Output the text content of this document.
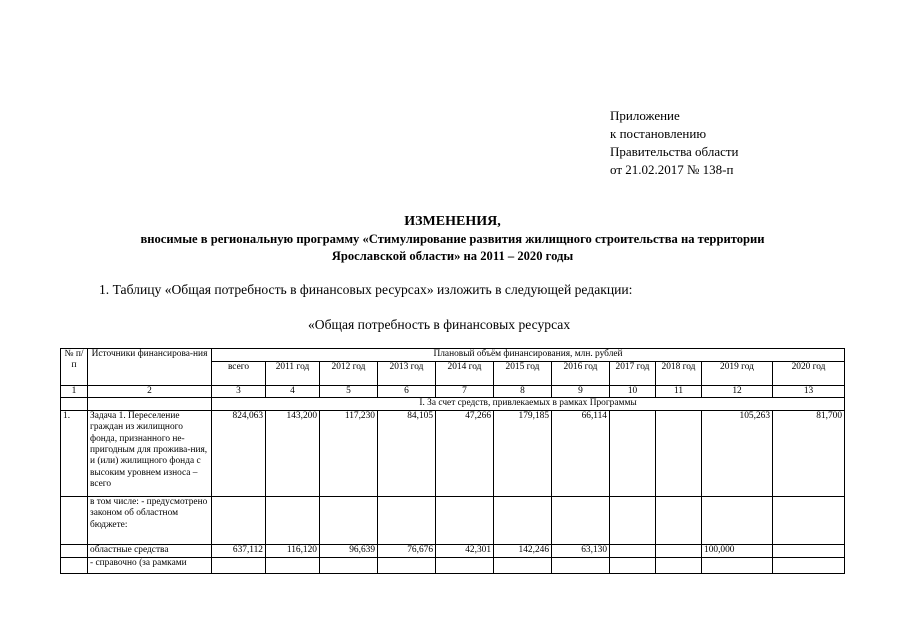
Приложение
к постановлению
Правительства области
от 21.02.2017 № 138-п
ИЗМЕНЕНИЯ,
вносимые в региональную программу «Стимулирование развития жилищного строительства на территории
Ярославской области» на 2011 – 2020 годы
1. Таблицу «Общая потребность в финансовых ресурсах» изложить в следующей редакции:
«Общая потребность в финансовых ресурсах
№ п/п	Источники финансирова-ния	Плановый объём финансирования, млн. рублей										
		всего	2011 год	2012 год	2013 год	2014 год	2015 год	2016 год	2017 год	2018 год	2019 год	2020 год
1	2	3	4	5	6	7	8	9	10	11	12	13
		I. За счет средств, привлекаемых в рамках Программы										
1.	Задача 1. Переселение граждан из жилищного фонда, признанного не-пригодным для прожива-ния, и (или) жилищного фонда с высоким уровнем износа – всего	824,063	143,200	117,230	84,105	47,266	179,185	66,114			105,263	81,700
	в том числе: - предусмотрено законом об областном бюджете:											
	областные средства	637,112	116,120	96,639	76,676	42,301	142,246	63,130			100,000	
	- справочно (за рамками											
